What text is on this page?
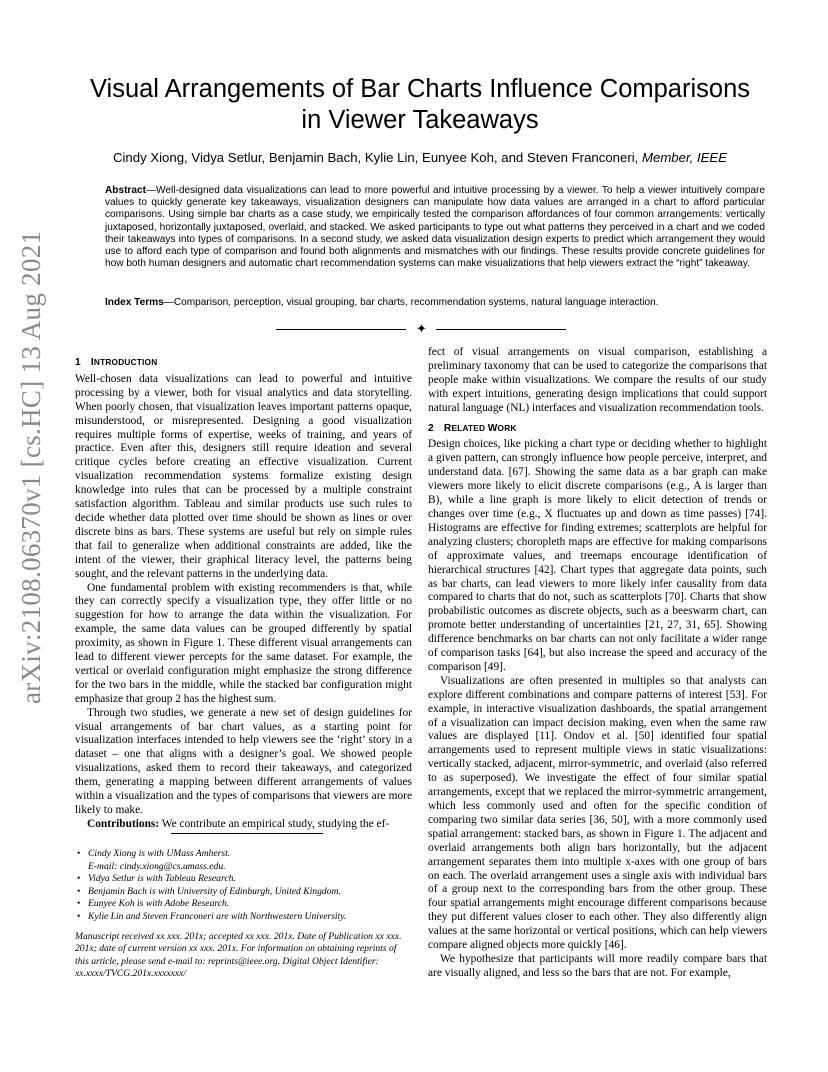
arXiv:2108.06370v1 [cs.HC] 13 Aug 2021
Visual Arrangements of Bar Charts Influence Comparisons
in Viewer Takeaways
Cindy Xiong, Vidya Setlur, Benjamin Bach, Kylie Lin, Eunyee Koh, and Steven Franconeri, Member, IEEE
Abstract—Well-designed data visualizations can lead to more powerful and intuitive processing by a viewer. To help a viewer intuitively compare values to quickly generate key takeaways, visualization designers can manipulate how data values are arranged in a chart to afford particular comparisons. Using simple bar charts as a case study, we empirically tested the comparison affordances of four common arrangements: vertically juxtaposed, horizontally juxtaposed, overlaid, and stacked. We asked participants to type out what patterns they perceived in a chart and we coded their takeaways into types of comparisons. In a second study, we asked data visualization design experts to predict which arrangement they would use to afford each type of comparison and found both alignments and mismatches with our findings. These results provide concrete guidelines for how both human designers and automatic chart recommendation systems can make visualizations that help viewers extract the “right” takeaway.
Index Terms—Comparison, perception, visual grouping, bar charts, recommendation systems, natural language interaction.
✦
1 INTRODUCTION

Well-chosen data visualizations can lead to powerful and intuitive processing by a viewer, both for visual analytics and data storytelling. When poorly chosen, that visualization leaves important patterns opaque, misunderstood, or misrepresented. Designing a good visualization requires multiple forms of expertise, weeks of training, and years of practice. Even after this, designers still require ideation and several critique cycles before creating an effective visualization. Current visualization recommendation systems formalize existing design knowledge into rules that can be processed by a multiple constraint satisfaction algorithm. Tableau and similar products use such rules to decide whether data plotted over time should be shown as lines or over discrete bins as bars. These systems are useful but rely on simple rules that fail to generalize when additional constraints are added, like the intent of the viewer, their graphical literacy level, the patterns being sought, and the relevant patterns in the underlying data.

One fundamental problem with existing recommenders is that, while they can correctly specify a visualization type, they offer little or no suggestion for how to arrange the data within the visualization. For example, the same data values can be grouped differently by spatial proximity, as shown in Figure 1. These different visual arrangements can lead to different viewer percepts for the same dataset. For example, the vertical or overlaid configuration might emphasize the strong difference for the two bars in the middle, while the stacked bar configuration might emphasize that group 2 has the highest sum.

Through two studies, we generate a new set of design guidelines for visual arrangements of bar chart values, as a starting point for visualization interfaces intended to help viewers see the ‘right’ story in a dataset – one that aligns with a designer’s goal. We showed people visualizations, asked them to record their takeaways, and categorized them, generating a mapping between different arrangements of values within a visualization and the types of comparisons that viewers are more likely to make.

Contributions: We contribute an empirical study, studying the ef-

• Cindy Xiong is with UMass Amherst.
E-mail: cindy.xiong@cs.umass.edu.
• Vidya Setlur is with Tableau Research.
• Benjamin Bach is with University of Edinburgh, United Kingdom.
• Eunyee Koh is with Adobe Research.
• Kylie Lin and Steven Franconeri are with Northwestern University.
Manuscript received xx xxx. 201x; accepted xx xxx. 201x. Date of Publication xx xxx. 201x; date of current version xx xxx. 201x. For information on obtaining reprints of this article, please send e-mail to: reprints@ieee.org. Digital Object Identifier: xx.xxxx/TVCG.201x.xxxxxxx/

fect of visual arrangements on visual comparison, establishing a preliminary taxonomy that can be used to categorize the comparisons that people make within visualizations. We compare the results of our study with expert intuitions, generating design implications that could support natural language (NL) interfaces and visualization recommendation tools.

2 RELATED WORK

Design choices, like picking a chart type or deciding whether to highlight a given pattern, can strongly influence how people perceive, interpret, and understand data. [67]. Showing the same data as a bar graph can make viewers more likely to elicit discrete comparisons (e.g., A is larger than B), while a line graph is more likely to elicit detection of trends or changes over time (e.g., X fluctuates up and down as time passes) [74]. Histograms are effective for finding extremes; scatterplots are helpful for analyzing clusters; choropleth maps are effective for making comparisons of approximate values, and treemaps encourage identification of hierarchical structures [42]. Chart types that aggregate data points, such as bar charts, can lead viewers to more likely infer causality from data compared to charts that do not, such as scatterplots [70]. Charts that show probabilistic outcomes as discrete objects, such as a beeswarm chart, can promote better understanding of uncertainties [21, 27, 31, 65]. Showing difference benchmarks on bar charts can not only facilitate a wider range of comparison tasks [64], but also increase the speed and accuracy of the comparison [49].

Visualizations are often presented in multiples so that analysts can explore different combinations and compare patterns of interest [53]. For example, in interactive visualization dashboards, the spatial arrangement of a visualization can impact decision making, even when the same raw values are displayed [11]. Ondov et al. [50] identified four spatial arrangements used to represent multiple views in static visualizations: vertically stacked, adjacent, mirror-symmetric, and overlaid (also referred to as superposed). We investigate the effect of four similar spatial arrangements, except that we replaced the mirror-symmetric arrangement, which less commonly used and often for the specific condition of comparing two similar data series [36, 50], with a more commonly used spatial arrangement: stacked bars, as shown in Figure 1. The adjacent and overlaid arrangements both align bars horizontally, but the adjacent arrangement separates them into multiple x-axes with one group of bars on each. The overlaid arrangement uses a single axis with individual bars of a group next to the corresponding bars from the other group. These four spatial arrangements might encourage different comparisons because they put different values closer to each other. They also differently align values at the same horizontal or vertical positions, which can help viewers compare aligned objects more quickly [46].

We hypothesize that participants will more readily compare bars that are visually aligned, and less so the bars that are not. For example,
